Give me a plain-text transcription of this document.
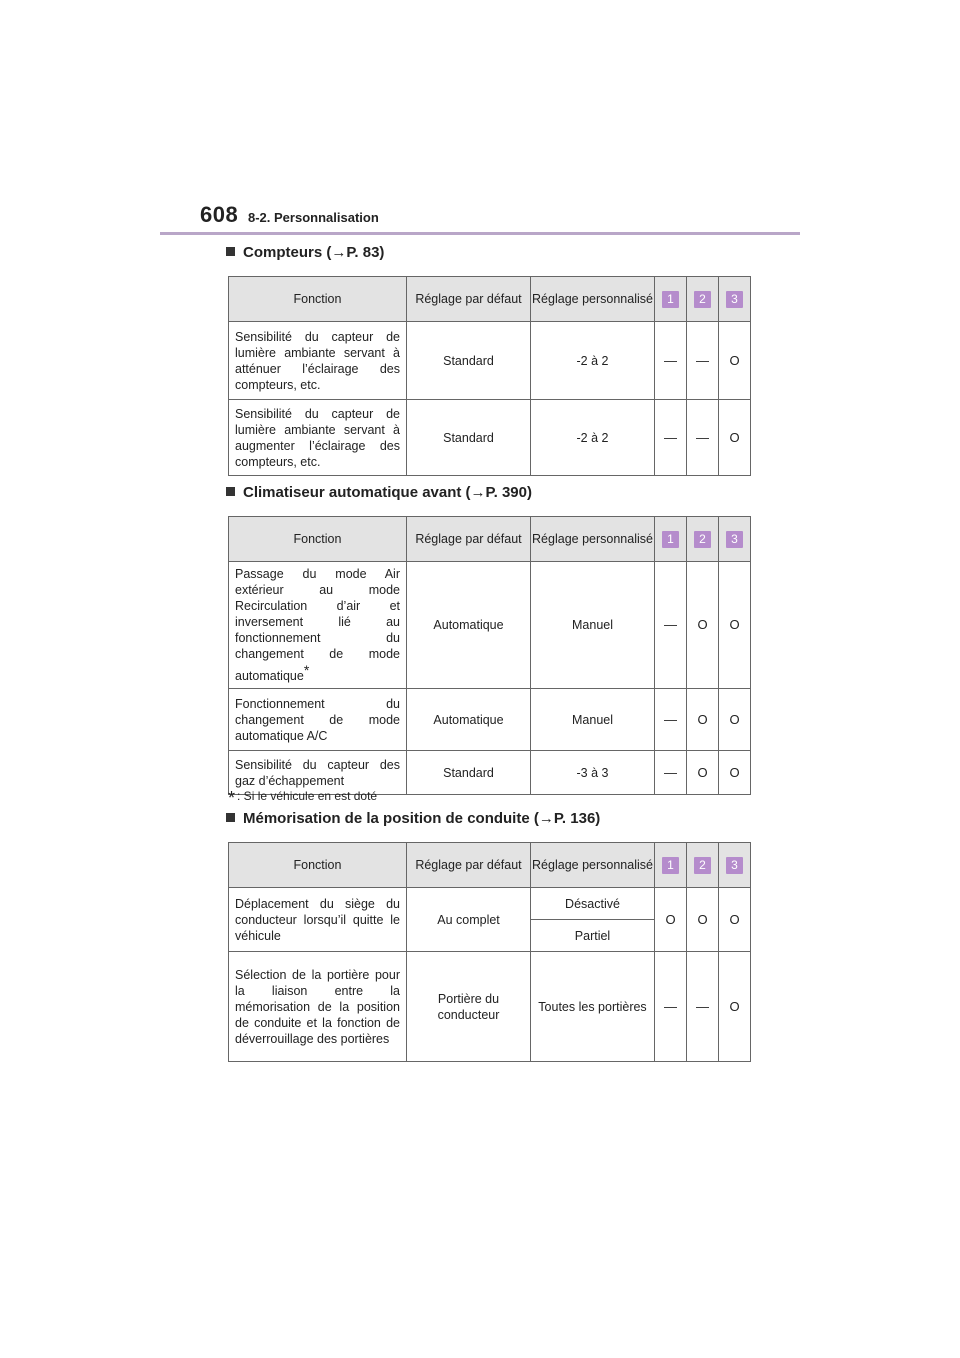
608 8-2. Personnalisation
Compteurs (→P. 83)
Fonction	Réglage par défaut	Réglage personnalisé	1	2	3
Sensibilité du capteur de lumière ambiante servant à atténuer l’éclairage des compteurs, etc.	Standard	-2 à 2	—	—	O
Sensibilité du capteur de lumière ambiante servant à augmenter l’éclairage des compteurs, etc.	Standard	-2 à 2	—	—	O
Climatiseur automatique avant (→P. 390)
Fonction	Réglage par défaut	Réglage personnalisé	1	2	3
Passage du mode Air extérieur au mode Recirculation d’air et inversement lié au fonctionnement du changement de mode automatique*	Automatique	Manuel	—	O	O
Fonctionnement du changement de mode automatique A/C	Automatique	Manuel	—	O	O
Sensibilité du capteur des gaz d’échappement	Standard	-3 à 3	—	O	O
* : Si le véhicule en est doté
Mémorisation de la position de conduite (→P. 136)
Fonction	Réglage par défaut	Réglage personnalisé	1	2	3
Déplacement du siège du conducteur lorsqu’il quitte le véhicule	Au complet	Désactivé	O	O	O
		Partiel			
Sélection de la portière pour la liaison entre la mémorisation de la position de conduite et la fonction de déverrouillage des portières	Portière du conducteur	Toutes les portières	—	—	O
